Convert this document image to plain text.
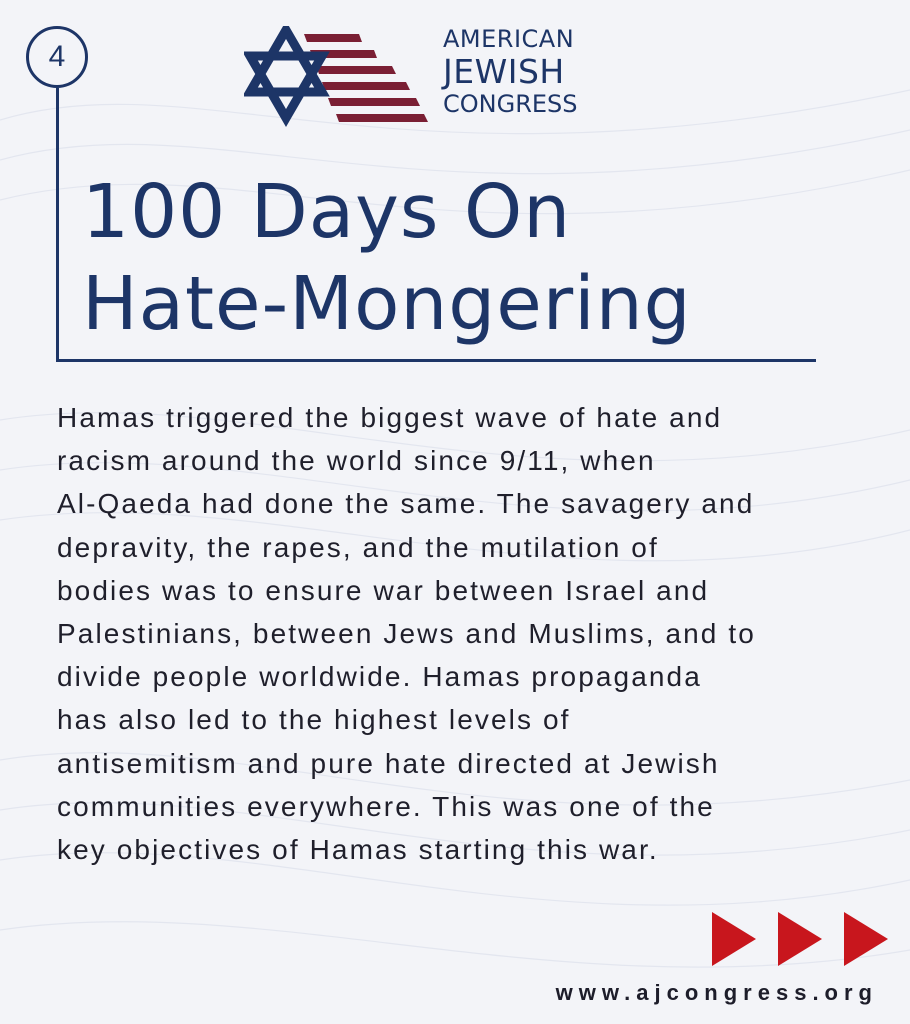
4
AMERICAN
JEWISH
CONGRESS
100 Days On
Hate-Mongering
Hamas triggered the biggest wave of hate and
racism around the world since 9/11, when
Al-Qaeda had done the same. The savagery and
depravity, the rapes, and the mutilation of
bodies was to ensure war between Israel and
Palestinians, between Jews and Muslims, and to
divide people worldwide. Hamas propaganda
has also led to the highest levels of
antisemitism and pure hate directed at Jewish
communities everywhere. This was one of the
key objectives of Hamas starting this war.
www.ajcongress.org
